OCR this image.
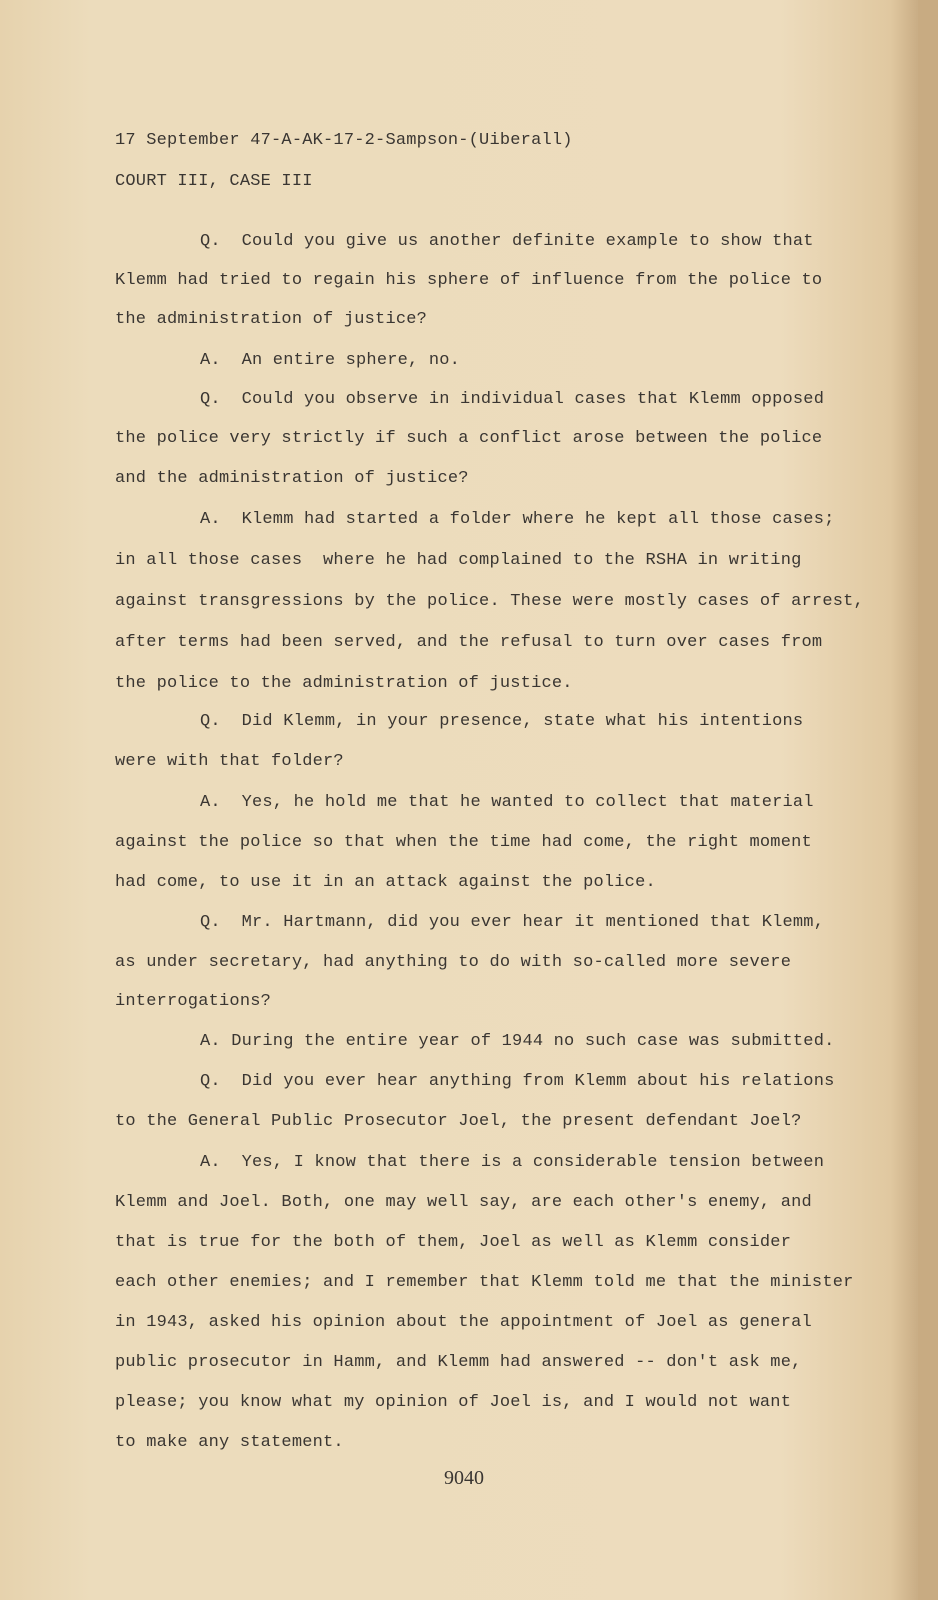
17 September 47-A-AK-17-2-Sampson-(Uiberall)
COURT III, CASE III
Q.  Could you give us another definite example to show that
Klemm had tried to regain his sphere of influence from the police to
the administration of justice?
A.  An entire sphere, no.
Q.  Could you observe in individual cases that Klemm opposed
the police very strictly if such a conflict arose between the police
and the administration of justice?
A.  Klemm had started a folder where he kept all those cases;
in all those cases  where he had complained to the RSHA in writing
against transgressions by the police. These were mostly cases of arrest,
after terms had been served, and the refusal to turn over cases from
the police to the administration of justice.
Q.  Did Klemm, in your presence, state what his intentions
were with that folder?
A.  Yes, he hold me that he wanted to collect that material
against the police so that when the time had come, the right moment
had come, to use it in an attack against the police.
Q.  Mr. Hartmann, did you ever hear it mentioned that Klemm,
as under secretary, had anything to do with so-called more severe
interrogations?
A. During the entire year of 1944 no such case was submitted.
Q.  Did you ever hear anything from Klemm about his relations
to the General Public Prosecutor Joel, the present defendant Joel?
A.  Yes, I know that there is a considerable tension between
Klemm and Joel. Both, one may well say, are each other's enemy, and
that is true for the both of them, Joel as well as Klemm consider
each other enemies; and I remember that Klemm told me that the minister
in 1943, asked his opinion about the appointment of Joel as general
public prosecutor in Hamm, and Klemm had answered -- don't ask me,
please; you know what my opinion of Joel is, and I would not want
to make any statement.
9040
